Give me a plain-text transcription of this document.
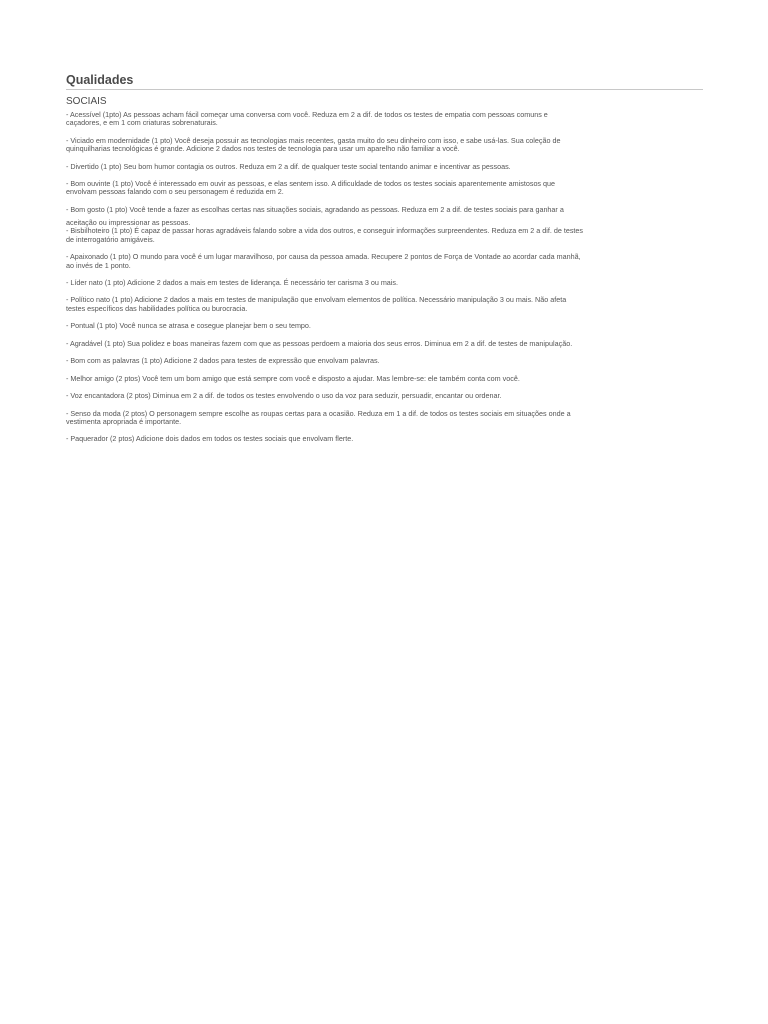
Qualidades
SOCIAIS
- Acessível (1pto) As pessoas acham fácil começar uma conversa com você. Reduza em 2 a dif. de todos os testes de empatia com pessoas comuns e
caçadores, e em 1 com criaturas sobrenaturais.
- Viciado em modernidade (1 pto) Você deseja possuir as tecnologias mais recentes, gasta muito do seu dinheiro com isso, e sabe usá-las. Sua coleção de
quinquilharias tecnológicas é grande. Adicione 2 dados nos testes de tecnologia para usar um aparelho não familiar a você.
- Divertido (1 pto) Seu bom humor contagia os outros. Reduza em 2 a dif. de qualquer teste social tentando animar e incentivar as pessoas.
- Bom ouvinte (1 pto) Você é interessado em ouvir as pessoas, e elas sentem isso. A dificuldade de todos os testes sociais aparentemente amistosos que
envolvam pessoas falando com o seu personagem é reduzida em 2.
- Bom gosto (1 pto) Você tende a fazer as escolhas certas nas situações sociais, agradando as pessoas. Reduza em 2 a dif. de testes sociais para ganhar a
aceitação ou impressionar as pessoas.
- Bisbilhoteiro (1 pto) É capaz de passar horas agradáveis falando sobre a vida dos outros, e conseguir informações surpreendentes. Reduza em 2 a dif. de testes
de interrogatório amigáveis.
- Apaixonado (1 pto) O mundo para você é um lugar maravilhoso, por causa da pessoa amada. Recupere 2 pontos de Força de Vontade ao acordar cada manhã,
ao invés de 1 ponto.
- Líder nato (1 pto) Adicione 2 dados a mais em testes de liderança. É necessário ter carisma 3 ou mais.
- Político nato (1 pto) Adicione 2 dados a mais em testes de manipulação que envolvam elementos de política. Necessário manipulação 3 ou mais. Não afeta
testes específicos das habilidades política ou burocracia.
- Pontual (1 pto) Você nunca se atrasa e cosegue planejar bem o seu tempo.
- Agradável (1 pto) Sua polidez e boas maneiras fazem com que as pessoas perdoem a maioria dos seus erros. Diminua em 2 a dif. de testes de manipulação.
- Bom com as palavras (1 pto) Adicione 2 dados para testes de expressão que envolvam palavras.
- Melhor amigo (2 ptos) Você tem um bom amigo que está sempre com você e disposto a ajudar. Mas lembre-se: ele também conta com você.
- Voz encantadora (2 ptos) Diminua em 2 a dif. de todos os testes envolvendo o uso da voz para seduzir, persuadir, encantar ou ordenar.
- Senso da moda (2 ptos) O personagem sempre escolhe as roupas certas para a ocasião. Reduza em 1 a dif. de todos os testes sociais em situações onde a
vestimenta apropriada é importante.
- Paquerador (2 ptos) Adicione dois dados em todos os testes sociais que envolvam flerte.
